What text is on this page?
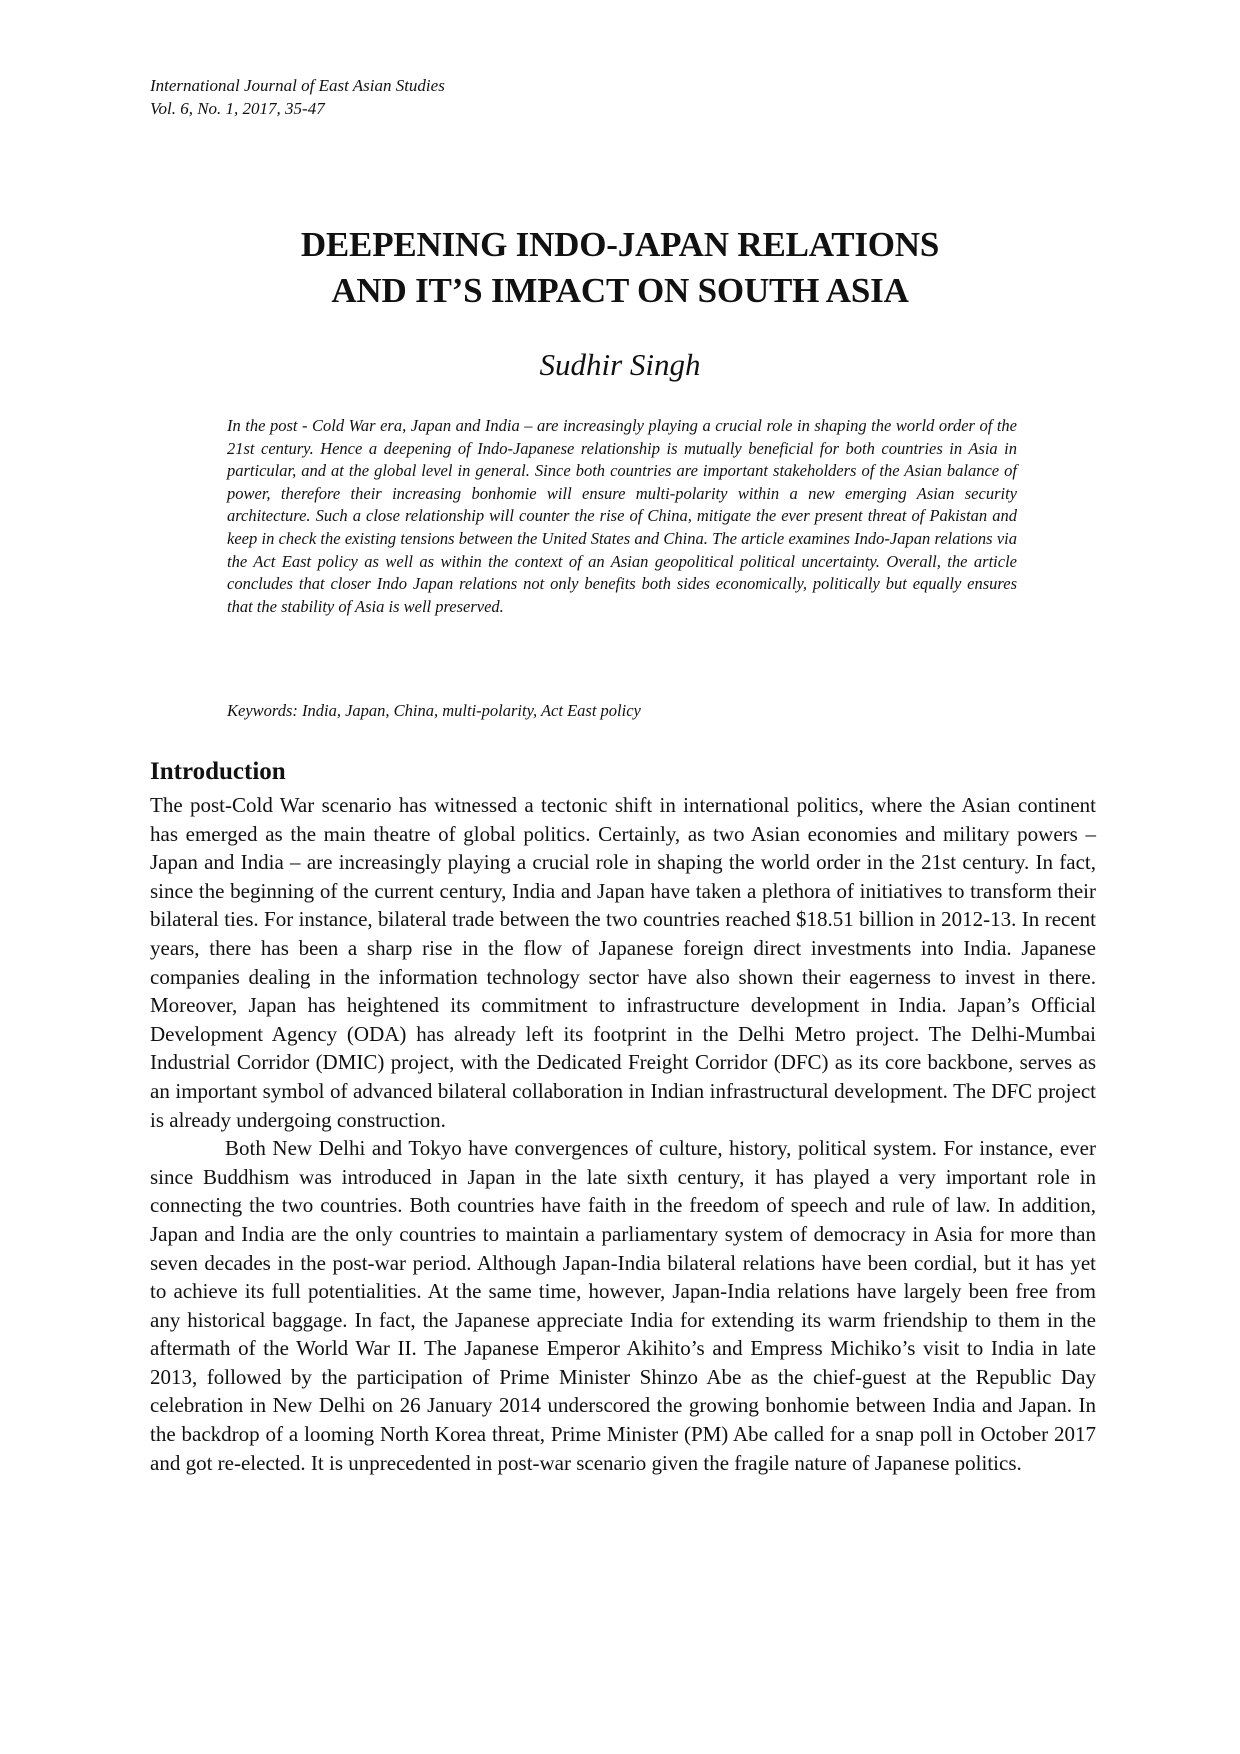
International Journal of East Asian Studies
Vol. 6, No. 1, 2017, 35-47
DEEPENING INDO-JAPAN RELATIONS
AND IT’S IMPACT ON SOUTH ASIA
Sudhir Singh

In the post - Cold War era, Japan and India – are increasingly playing a crucial role in shaping the world order of the 21st century. Hence a deepening of Indo-Japanese relationship is mutually beneficial for both countries in Asia in particular, and at the global level in general. Since both countries are important stakeholders of the Asian balance of power, therefore their increasing bonhomie will ensure multi-polarity within a new emerging Asian security architecture. Such a close relationship will counter the rise of China, mitigate the ever present threat of Pakistan and keep in check the existing tensions between the United States and China. The article examines Indo-Japan relations via the Act East policy as well as within the context of an Asian geopolitical political uncertainty. Overall, the article concludes that closer Indo Japan relations not only benefits both sides economically, politically but equally ensures that the stability of Asia is well preserved.

Keywords: India, Japan, China, multi-polarity, Act East policy
Introduction

The post-Cold War scenario has witnessed a tectonic shift in international politics, where the Asian continent has emerged as the main theatre of global politics. Certainly, as two Asian economies and military powers –Japan and India – are increasingly playing a crucial role in shaping the world order in the 21st century. In fact, since the beginning of the current century, India and Japan have taken a plethora of initiatives to transform their bilateral ties. For instance, bilateral trade between the two countries reached $18.51 billion in 2012-13. In recent years, there has been a sharp rise in the flow of Japanese foreign direct investments into India. Japanese companies dealing in the information technology sector have also shown their eagerness to invest in there. Moreover, Japan has heightened its commitment to infrastructure development in India. Japan’s Official Development Agency (ODA) has already left its footprint in the Delhi Metro project. The Delhi-Mumbai Industrial Corridor (DMIC) project, with the Dedicated Freight Corridor (DFC) as its core backbone, serves as an important symbol of advanced bilateral collaboration in Indian infrastructural development. The DFC project is already undergoing construction.

Both New Delhi and Tokyo have convergences of culture, history, political system. For instance, ever since Buddhism was introduced in Japan in the late sixth century, it has played a very important role in connecting the two countries. Both countries have faith in the freedom of speech and rule of law. In addition, Japan and India are the only countries to maintain a parliamentary system of democracy in Asia for more than seven decades in the post-war period. Although Japan-India bilateral relations have been cordial, but it has yet to achieve its full potentialities. At the same time, however, Japan-India relations have largely been free from any historical baggage. In fact, the Japanese appreciate India for extending its warm friendship to them in the aftermath of the World War II. The Japanese Emperor Akihito’s and Empress Michiko’s visit to India in late 2013, followed by the participation of Prime Minister Shinzo Abe as the chief-guest at the Republic Day celebration in New Delhi on 26 January 2014 underscored the growing bonhomie between India and Japan. In the backdrop of a looming North Korea threat, Prime Minister (PM) Abe called for a snap poll in October 2017 and got re-elected. It is unprecedented in post-war scenario given the fragile nature of Japanese politics.
